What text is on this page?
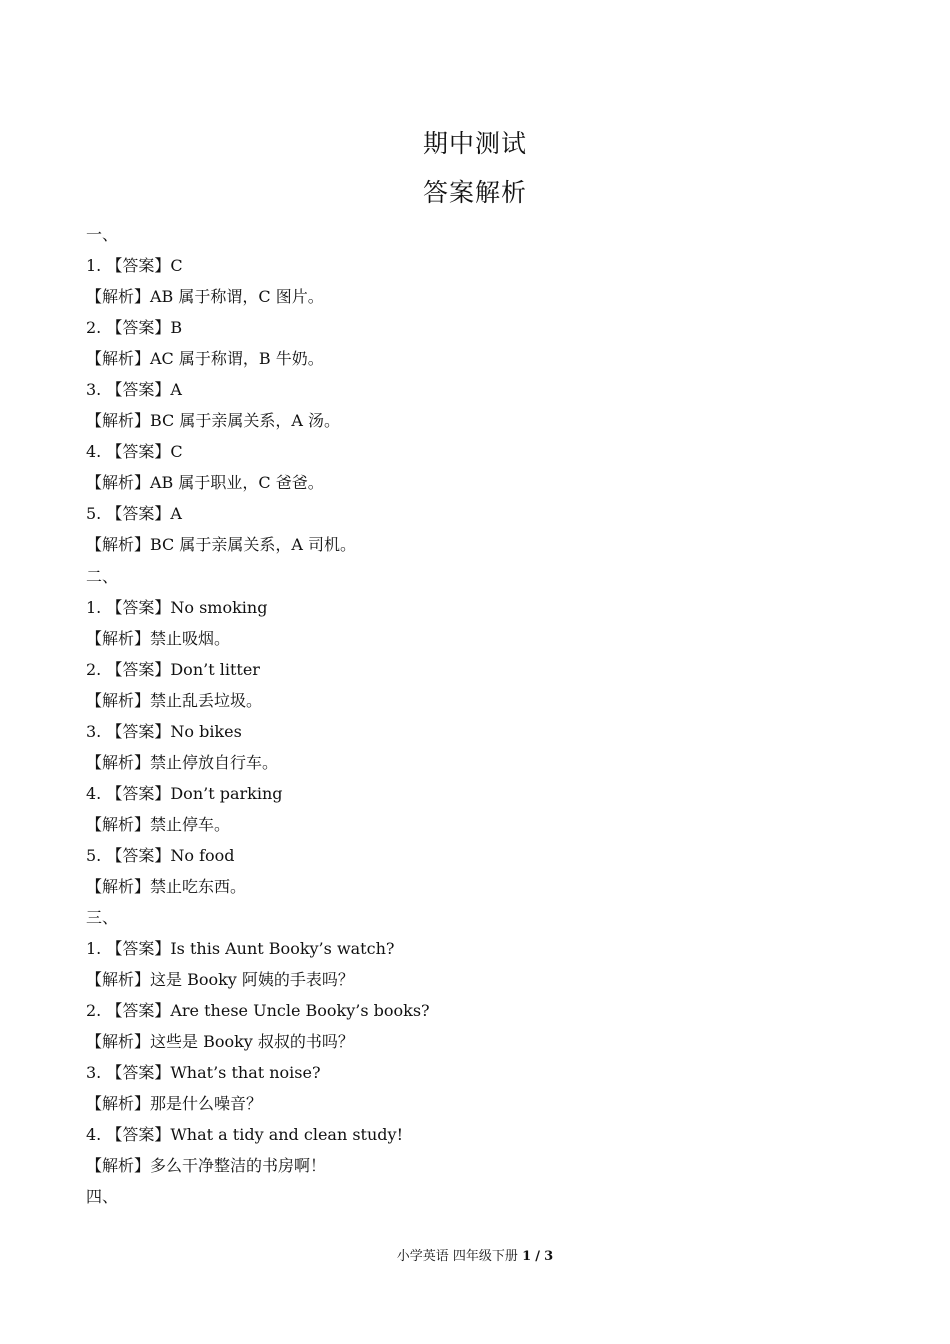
期中测试
答案解析
一、
1. 【答案】C
【解析】AB 属于称谓，C 图片。
2. 【答案】B
【解析】AC 属于称谓，B 牛奶。
3. 【答案】A
【解析】BC 属于亲属关系，A 汤。
4. 【答案】C
【解析】AB 属于职业，C 爸爸。
5. 【答案】A
【解析】BC 属于亲属关系，A 司机。
二、
1. 【答案】No smoking
【解析】禁止吸烟。
2. 【答案】Don’t litter
【解析】禁止乱丢垃圾。
3. 【答案】No bikes
【解析】禁止停放自行车。
4. 【答案】Don’t parking
【解析】禁止停车。
5. 【答案】No food
【解析】禁止吃东西。
三、
1. 【答案】Is this Aunt Booky’s watch?
【解析】这是 Booky 阿姨的手表吗？
2. 【答案】Are these Uncle Booky’s books?
【解析】这些是 Booky 叔叔的书吗？
3. 【答案】What’s that noise?
【解析】那是什么噪音？
4. 【答案】What a tidy and clean study!
【解析】多么干净整洁的书房啊！
四、
小学英语 四年级下册 1 / 3
